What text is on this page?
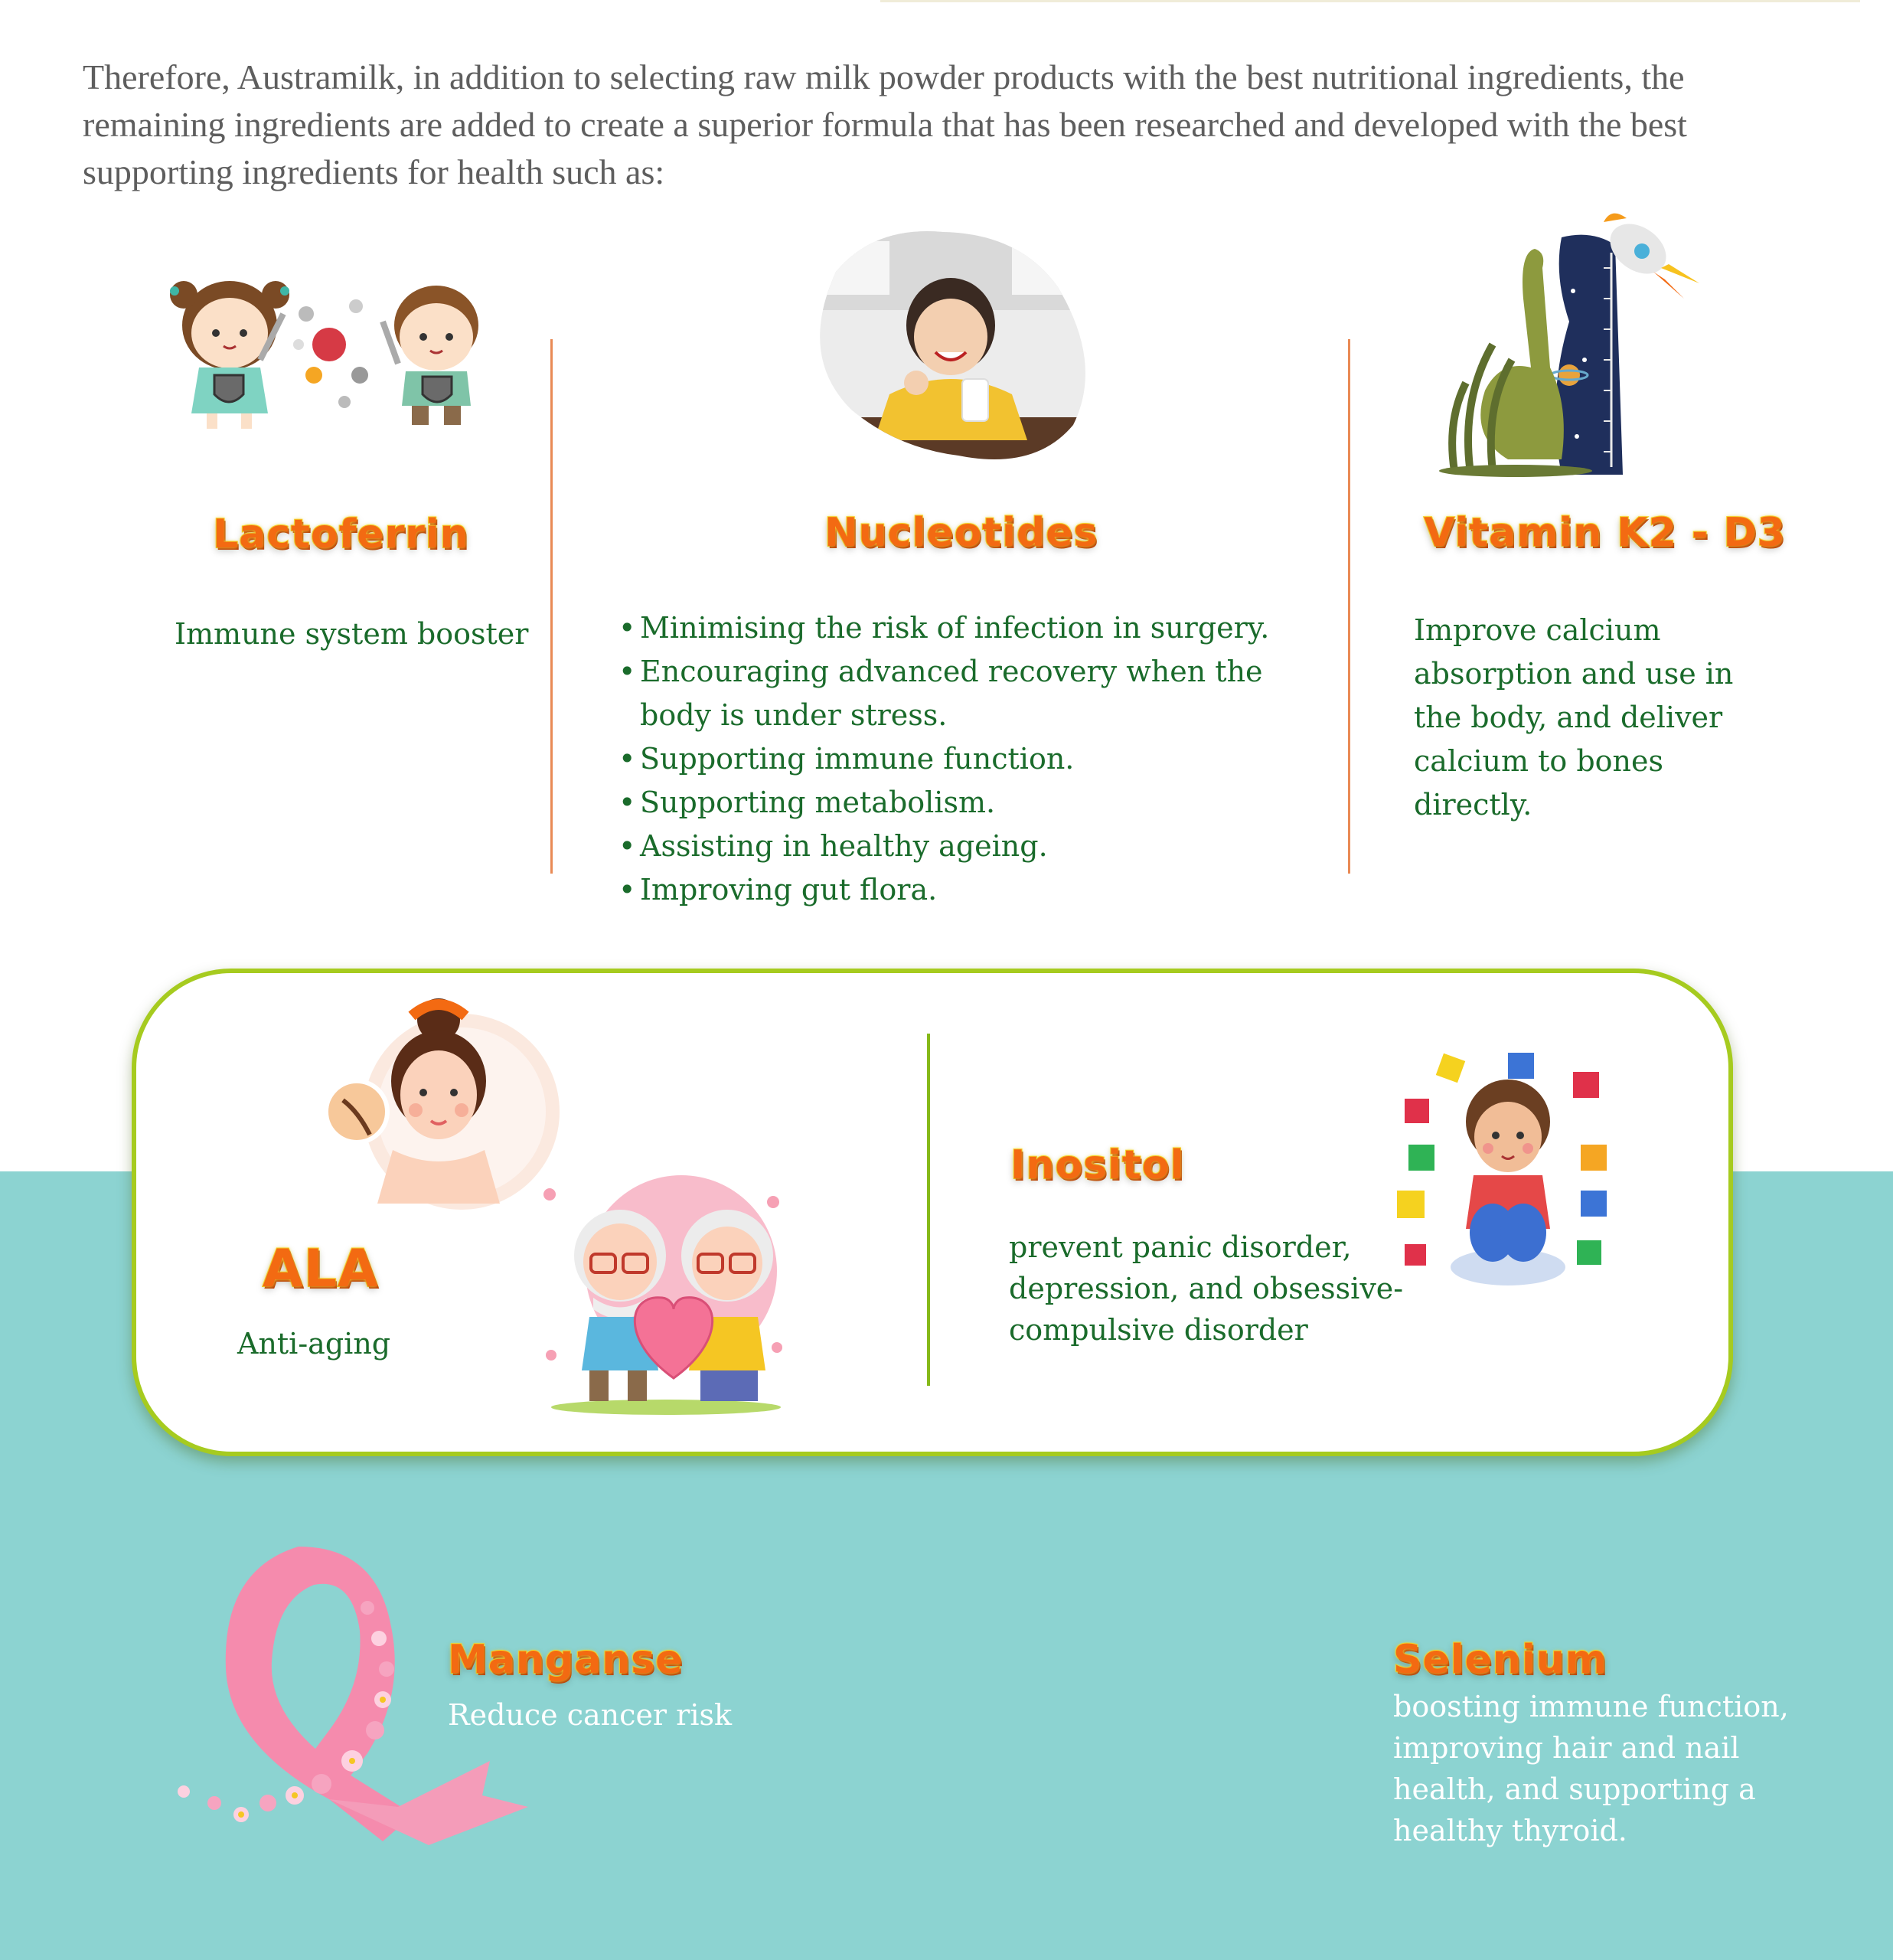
Therefore, Austramilk, in addition to selecting raw milk powder products with the best nutritional ingredients, the remaining ingredients are added to create a superior formula that has been researched and developed with the best supporting ingredients for health such as:

Lactoferrin
Immune system booster
Nucleotides
• Minimising the risk of infection in surgery.
• Encouraging advanced recovery when the body is under stress.
• Supporting immune function.
• Supporting metabolism.
• Assisting in healthy ageing.
• Improving gut flora.
Vitamin K2 - D3
Improve calcium absorption and use in the body, and deliver calcium to bones directly.
ALA
Anti-aging
Inositol
prevent panic disorder, depression, and obsessive-compulsive disorder
Manganse
Reduce cancer risk
Selenium
boosting immune function, improving hair and nail health, and supporting a healthy thyroid.
